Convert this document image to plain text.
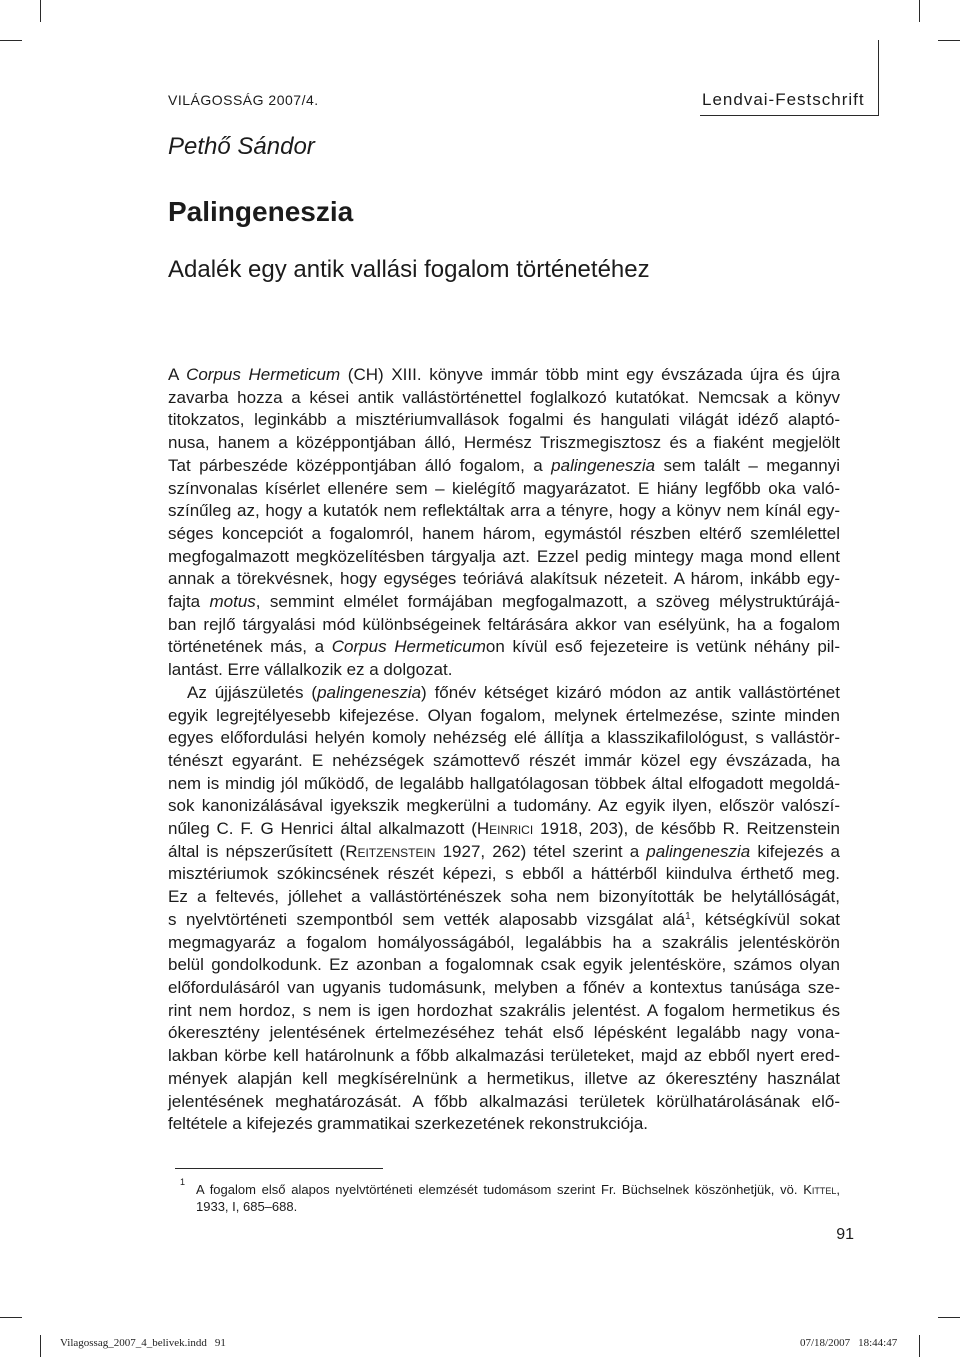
VILÁGOSSÁG 2007/4.	Lendvai-Festschrift
Pethő Sándor
Palingeneszia
Adalék egy antik vallási fogalom történetéhez
A Corpus Hermeticum (CH) XIII. könyve immár több mint egy évszázada újra és újra
zavarba hozza a kései antik vallástörténettel foglalkozó kutatókat. Nemcsak a könyv
titokzatos, leginkább a misztériumvallások fogalmi és hangulati világát idéző alaptó-
nusa, hanem a középpontjában álló, Hermész Triszmegisztosz és a fiaként megjelölt
Tat párbeszéde középpontjában álló fogalom, a palingeneszia sem talált – megannyi
színvonalas kísérlet ellenére sem – kielégítő magyarázatot. E hiány legfőbb oka való-
színűleg az, hogy a kutatók nem reflektáltak arra a tényre, hogy a könyv nem kínál egy-
séges koncepciót a fogalomról, hanem három, egymástól részben eltérő szemlélettel
megfogalmazott megközelítésben tárgyalja azt. Ezzel pedig mintegy maga mond ellent
annak a törekvésnek, hogy egységes teóriává alakítsuk nézeteit. A három, inkább egy-
fajta motus, semmint elmélet formájában megfogalmazott, a szöveg mélystruktúrájá-
ban rejlő tárgyalási mód különbségeinek feltárására akkor van esélyünk, ha a fogalom
történetének más, a Corpus Hermeticumon kívül eső fejezeteire is vetünk néhány pil-
lantást. Erre vállalkozik ez a dolgozat.
Az újjászületés (palingeneszia) főnév kétséget kizáró módon az antik vallástörténet
egyik legrejtélyesebb kifejezése. Olyan fogalom, melynek értelmezése, szinte minden
egyes előfordulási helyén komoly nehézség elé állítja a klasszikafilológust, s vallástör-
ténészt egyaránt. E nehézségek számottevő részét immár közel egy évszázada, ha
nem is mindig jól működő, de legalább hallgatólagosan többek által elfogadott megoldá-
sok kanonizálásával igyekszik megkerülni a tudomány. Az egyik ilyen, először valószí-
nűleg C. F. G Henrici által alkalmazott (Heinrici 1918, 203), de később R. Reitzenstein
által is népszerűsített (Reitzenstein 1927, 262) tétel szerint a palingeneszia kifejezés a
misztériumok szókincsének részét képezi, s ebből a háttérből kiindulva érthető meg.
Ez a feltevés, jóllehet a vallástörténészek soha nem bizonyították be helytállóságát,
s nyelvtörténeti szempontból sem vették alaposabb vizsgálat alá$^1$, kétségkívül sokat
megmagyaráz a fogalom homályosságából, legalábbis ha a szakrális jelentéskörön
belül gondolkodunk. Ez azonban a fogalomnak csak egyik jelentésköre, számos olyan
előfordulásáról van ugyanis tudomásunk, melyben a főnév a kontextus tanúsága sze-
rint nem hordoz, s nem is igen hordozhat szakrális jelentést. A fogalom hermetikus és
ókeresztény jelentésének értelmezéséhez tehát első lépésként legalább nagy vona-
lakban körbe kell határolnunk a főbb alkalmazási területeket, majd az ebből nyert ered-
mények alapján kell megkísérelnünk a hermetikus, illetve az ókeresztény használat
jelentésének meghatározását. A főbb alkalmazási területek körülhatárolásának elő-
feltétele a kifejezés grammatikai szerkezetének rekonstrukciója.
1 A fogalom első alapos nyelvtörténeti elemzését tudomásom szerint Fr. Büchselnek köszönhetjük, vö. Kittel,
1933, I, 685–688.
91
Vilagossag_2007_4_belivek.indd 91	07/18/2007 18:44:47
